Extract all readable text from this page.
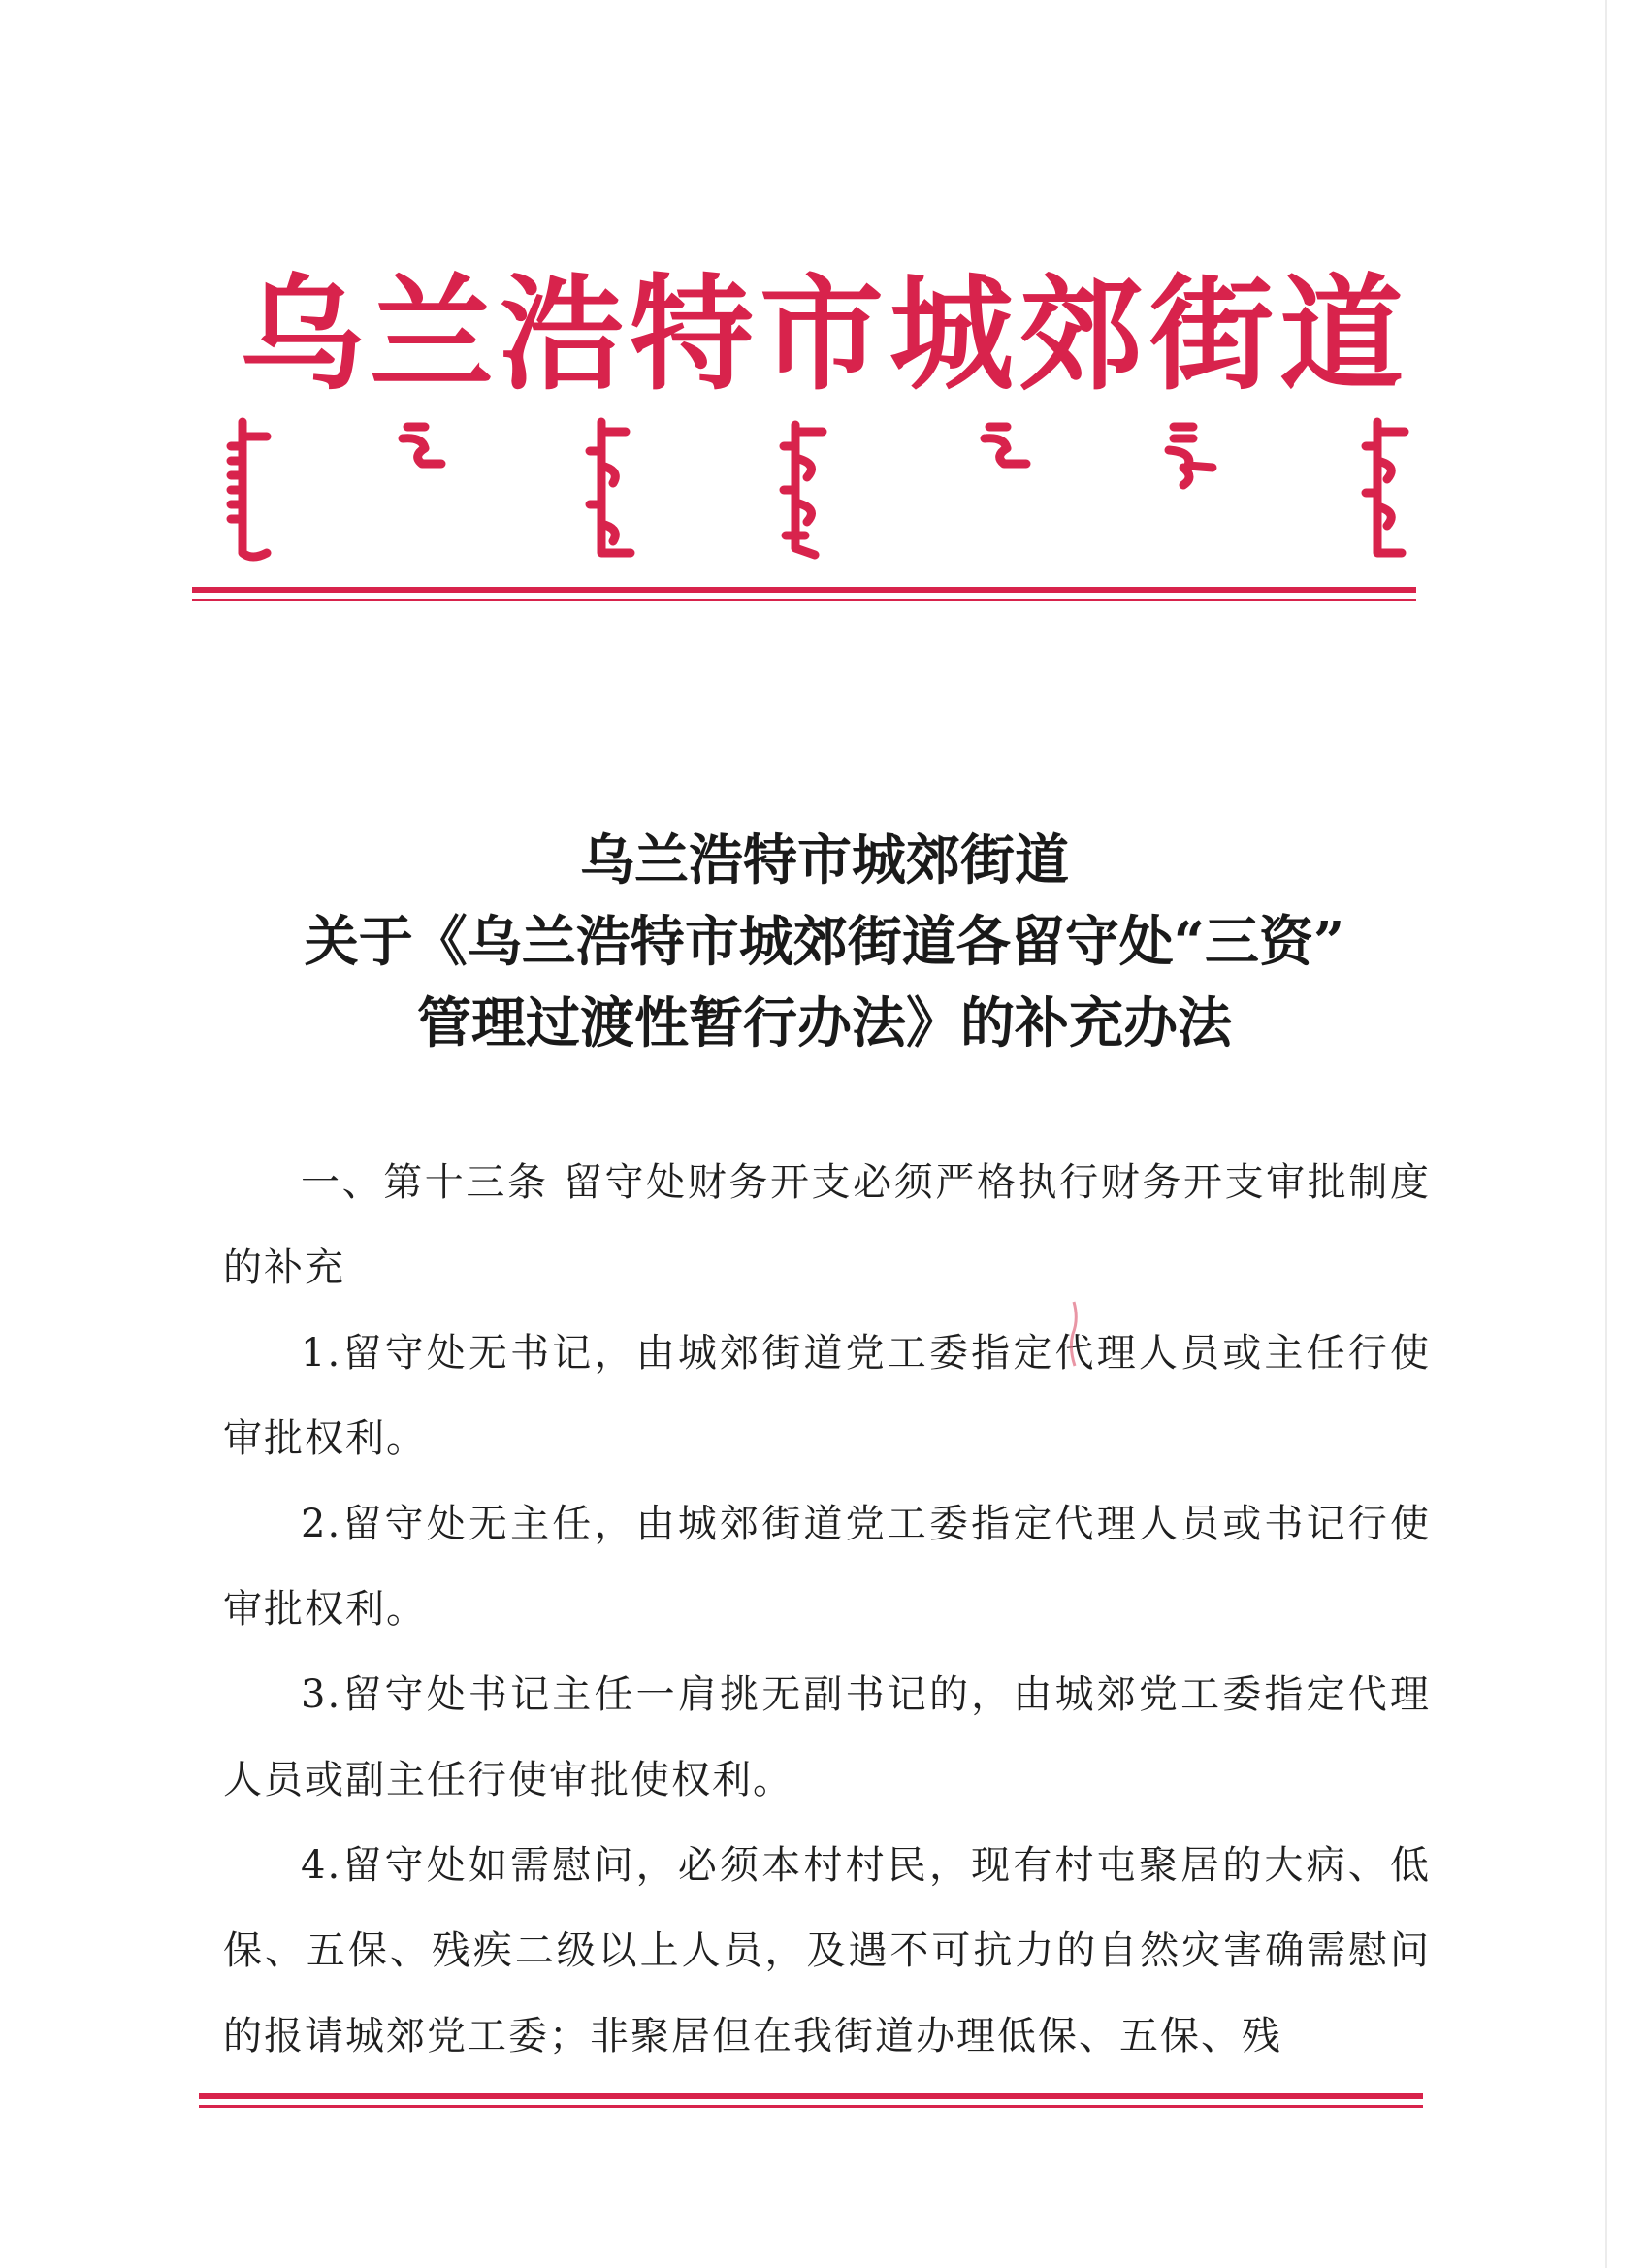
乌兰浩特市城郊街道
乌兰浩特市城郊街道
关于《乌兰浩特市城郊街道各留守处“三资”
管理过渡性暂行办法》的补充办法

一、第十三条 留守处财务开支必须严格执行财务开支审批制度的补充

1.留守处无书记，由城郊街道党工委指定代理人员或主任行使审批权利。

2.留守处无主任，由城郊街道党工委指定代理人员或书记行使审批权利。

3.留守处书记主任一肩挑无副书记的，由城郊党工委指定代理人员或副主任行使审批使权利。

4.留守处如需慰问，必须本村村民，现有村屯聚居的大病、低保、五保、残疾二级以上人员，及遇不可抗力的自然灾害确需慰问的报请城郊党工委；非聚居但在我街道办理低保、五保、残
